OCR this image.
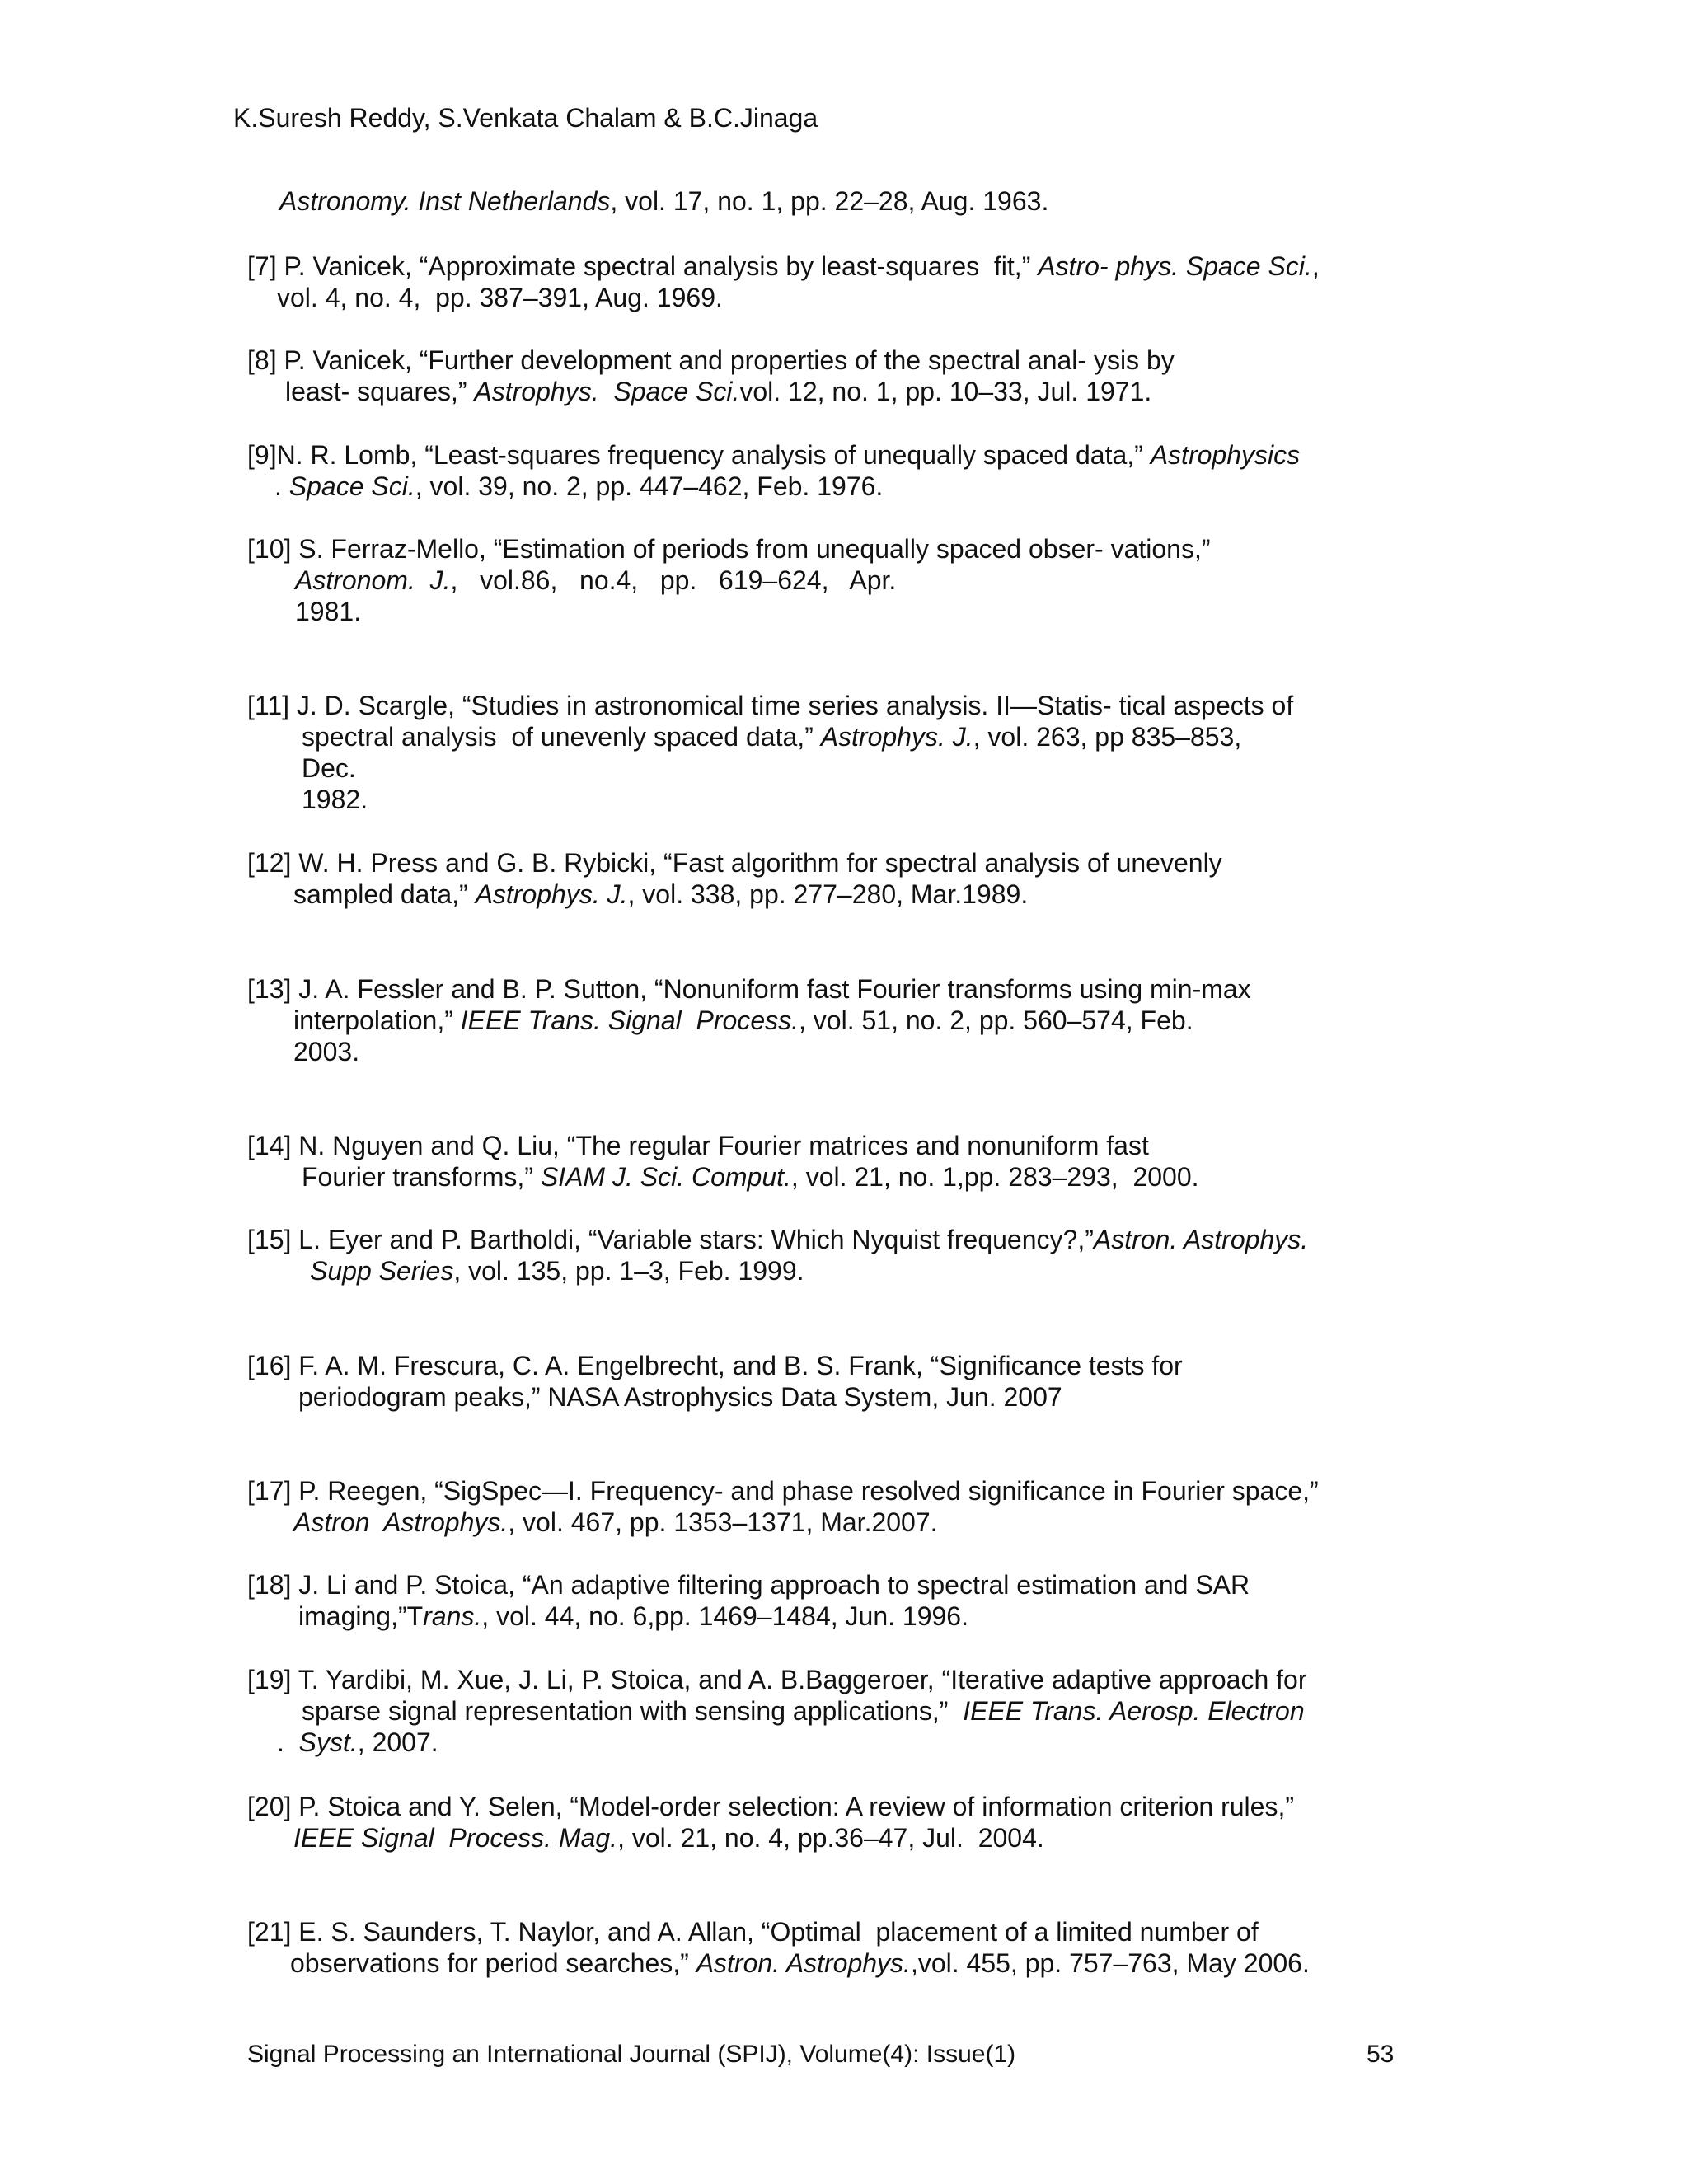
K.Suresh Reddy, S.Venkata Chalam & B.C.Jinaga
Astronomy. Inst Netherlands, vol. 17, no. 1, pp. 22–28, Aug. 1963.
[7] P. Vanicek, “Approximate spectral analysis by least-squares  fit,” Astro- phys. Space Sci.,
vol. 4, no. 4,  pp. 387–391, Aug. 1969.
[8] P. Vanicek, “Further development and properties of the spectral anal- ysis by
least- squares,” Astrophys.  Space Sci.vol. 12, no. 1, pp. 10–33, Jul. 1971.
[9]N. R. Lomb, “Least-squares frequency analysis of unequally spaced data,” Astrophysics
. Space Sci., vol. 39, no. 2, pp. 447–462, Feb. 1976.
[10] S. Ferraz-Mello, “Estimation of periods from unequally spaced obser- vations,”
Astronom.  J.,   vol.86,   no.4,   pp.   619–624,   Apr.
1981.
[11] J. D. Scargle, “Studies in astronomical time series analysis. II—Statis- tical aspects of
spectral analysis  of unevenly spaced data,” Astrophys. J., vol. 263, pp 835–853,
Dec.
1982.
[12] W. H. Press and G. B. Rybicki, “Fast algorithm for spectral analysis of unevenly
sampled data,” Astrophys. J., vol. 338, pp. 277–280, Mar.1989.
[13] J. A. Fessler and B. P. Sutton, “Nonuniform fast Fourier transforms using min-max
interpolation,” IEEE Trans. Signal  Process., vol. 51, no. 2, pp. 560–574, Feb.
2003.
[14] N. Nguyen and Q. Liu, “The regular Fourier matrices and nonuniform fast
Fourier transforms,” SIAM J. Sci. Comput., vol. 21, no. 1,pp. 283–293,  2000.
[15] L. Eyer and P. Bartholdi, “Variable stars: Which Nyquist frequency?,”Astron. Astrophys.
Supp Series, vol. 135, pp. 1–3, Feb. 1999.
[16] F. A. M. Frescura, C. A. Engelbrecht, and B. S. Frank, “Significance tests for
periodogram peaks,” NASA Astrophysics Data System, Jun. 2007
[17] P. Reegen, “SigSpec—I. Frequency- and phase resolved significance in Fourier space,”
Astron  Astrophys., vol. 467, pp. 1353–1371, Mar.2007.
[18] J. Li and P. Stoica, “An adaptive filtering approach to spectral estimation and SAR
imaging,”Trans., vol. 44, no. 6,pp. 1469–1484, Jun. 1996.
[19] T. Yardibi, M. Xue, J. Li, P. Stoica, and A. B.Baggeroer, “Iterative adaptive approach for
sparse signal representation with sensing applications,”  IEEE Trans. Aerosp. Electron
.  Syst., 2007.
[20] P. Stoica and Y. Selen, “Model-order selection: A review of information criterion rules,”
IEEE Signal  Process. Mag., vol. 21, no. 4, pp.36–47, Jul.  2004.
[21] E. S. Saunders, T. Naylor, and A. Allan, “Optimal  placement of a limited number of
observations for period searches,” Astron. Astrophys.,vol. 455, pp. 757–763, May 2006.
Signal Processing an International Journal (SPIJ), Volume(4): Issue(1)	53
